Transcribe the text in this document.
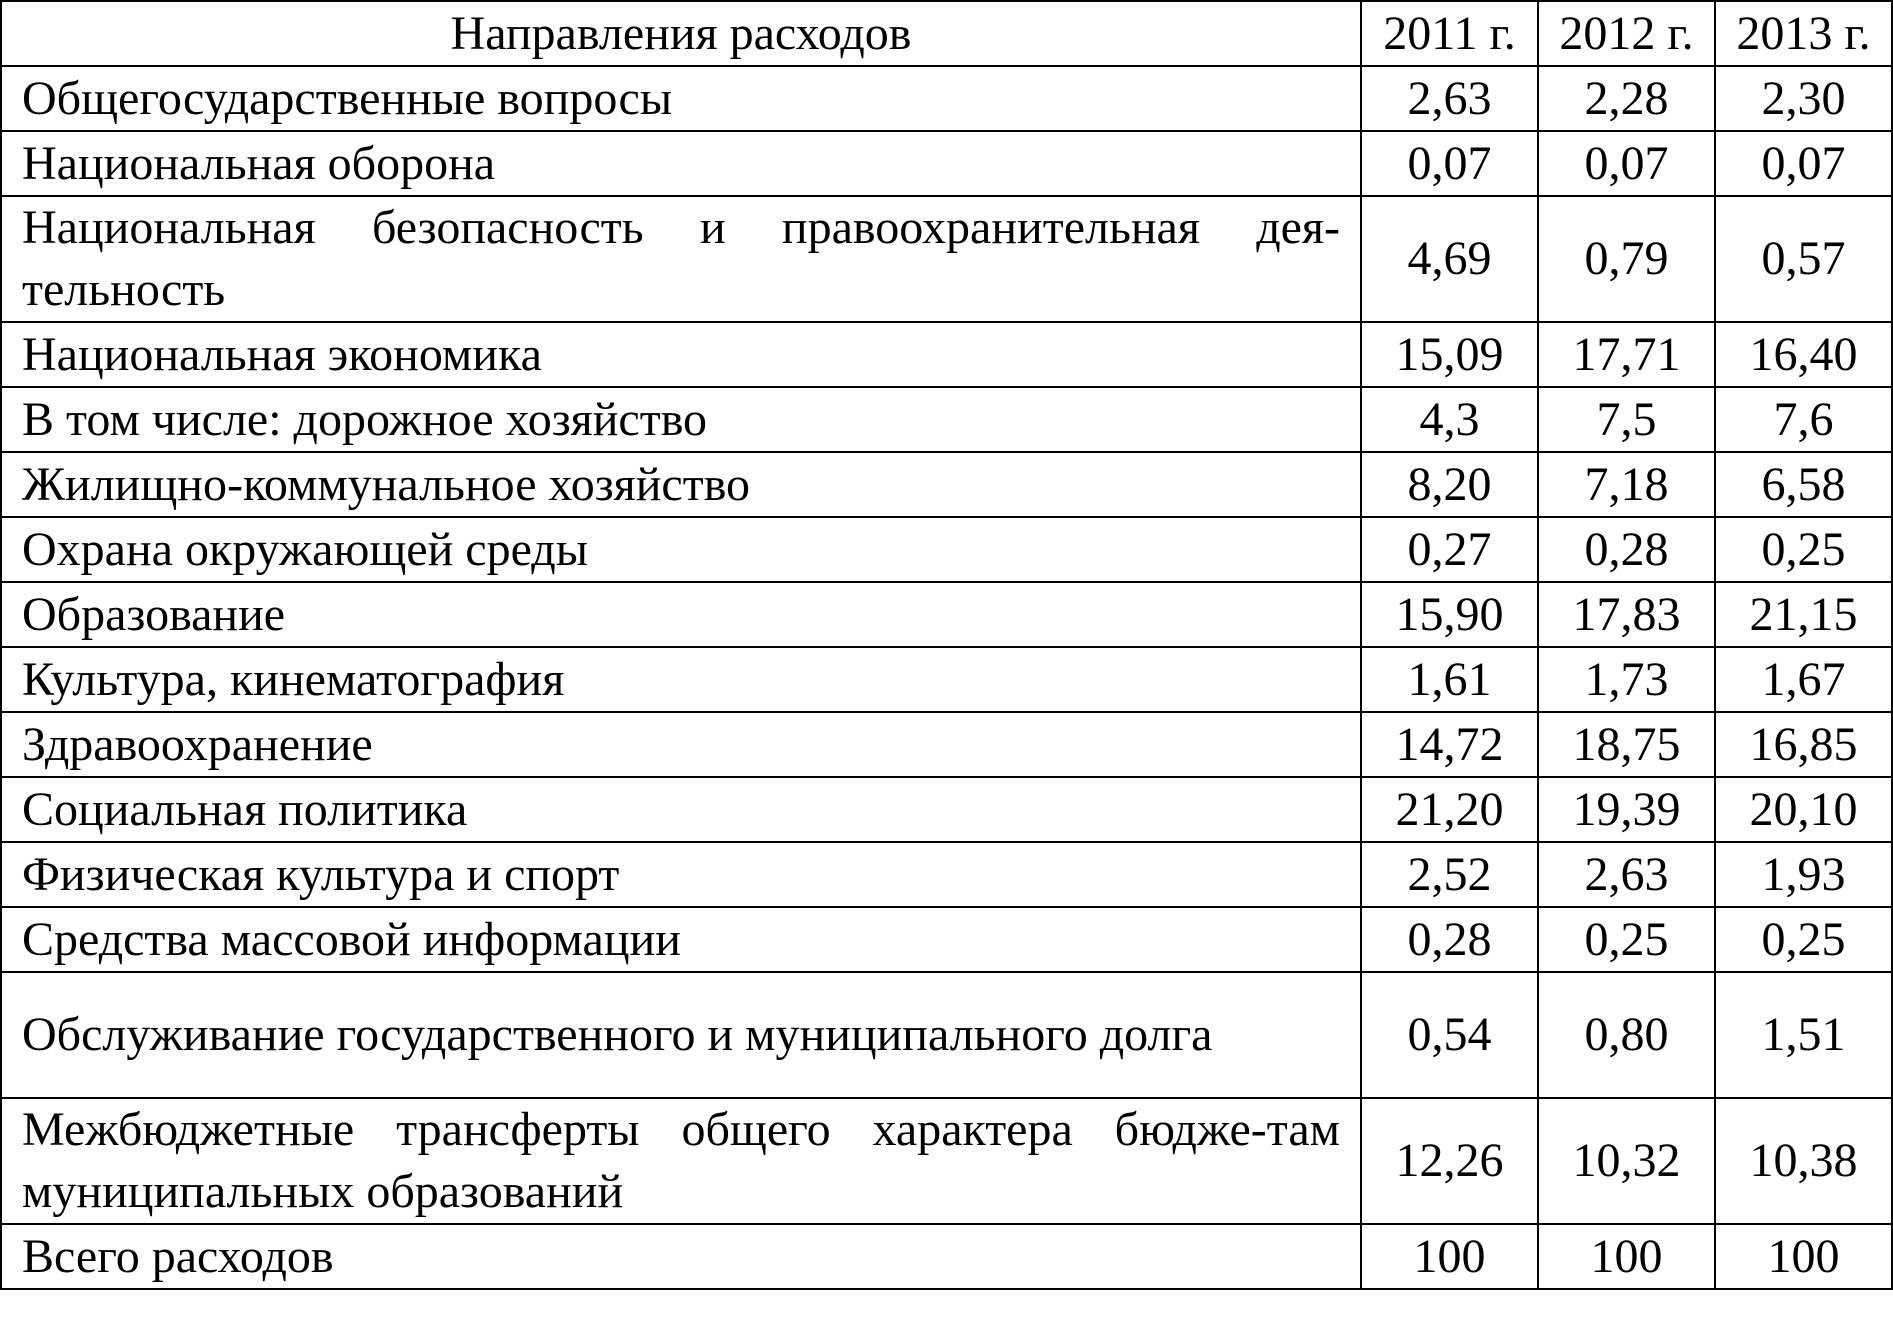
Направления расходов	2011 г.	2012 г.	2013 г.
Общегосударственные вопросы	2,63	2,28	2,30
Национальная оборона	0,07	0,07	0,07
Национальная безопасность и правоохранительная дея-тельность	4,69	0,79	0,57
Национальная экономика	15,09	17,71	16,40
В том числе: дорожное хозяйство	4,3	7,5	7,6
Жилищно-коммунальное хозяйство	8,20	7,18	6,58
Охрана окружающей среды	0,27	0,28	0,25
Образование	15,90	17,83	21,15
Культура, кинематография	1,61	1,73	1,67
Здравоохранение	14,72	18,75	16,85
Социальная политика	21,20	19,39	20,10
Физическая культура и спорт	2,52	2,63	1,93
Средства массовой информации	0,28	0,25	0,25
Обслуживание государственного и муниципального долга	0,54	0,80	1,51
Межбюджетные трансферты общего характера бюдже-там муниципальных образований	12,26	10,32	10,38
Всего расходов	100	100	100
